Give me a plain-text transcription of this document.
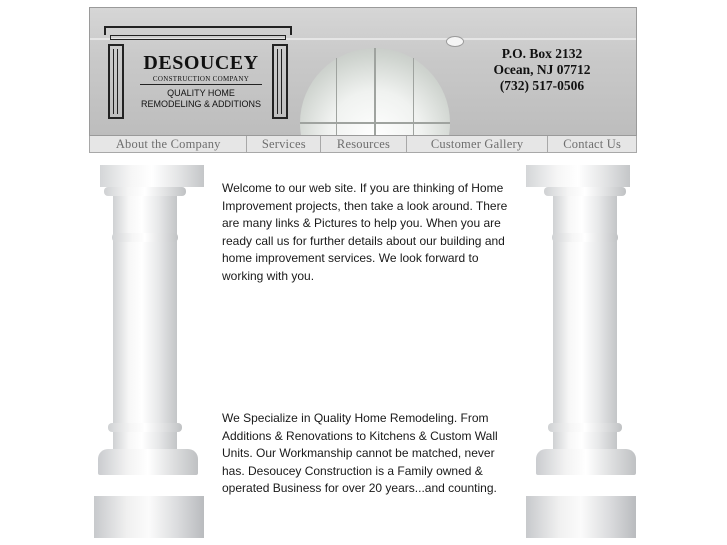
DESOUCEY
CONSTRUCTION COMPANY
QUALITY HOME
REMODELING & ADDITIONS
P.O. Box 2132
Ocean, NJ 07712
(732) 517-0506
About the Company	Services	Resources	Customer Gallery	Contact Us
Welcome to our web site. If you are thinking of Home Improvement projects, then take a look around. There are many links & Pictures to help you. When you are ready call us for further details about our building and home improvement services. We look forward to working with you.
We Specialize in Quality Home Remodeling. From Additions & Renovations to Kitchens & Custom Wall Units. Our Workmanship cannot be matched, never has. Desoucey Construction is a Family owned & operated Business for over 20 years...and counting.
